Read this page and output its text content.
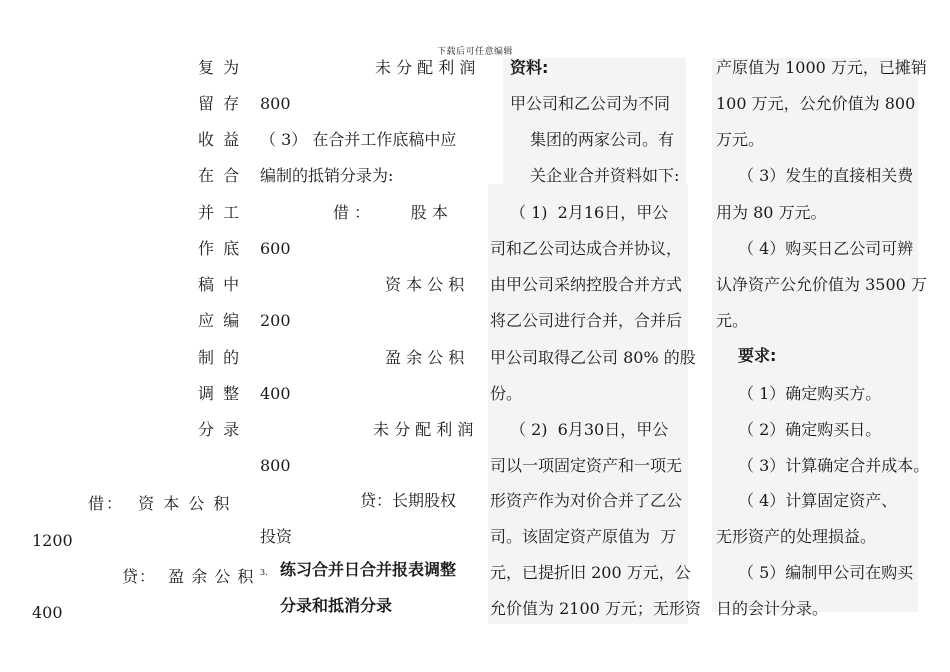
下载后可任意编辑
复 为
留 存
收 益
在 合
并 工
作 底
稿 中
应 编
制 的
调 整
分 录
借：  资 本 公 积
1200
贷：  盈 余 公 积
400
未 分 配 利 润
800
（ 3） 在合并工作底稿中应
编制的抵销分录为:
借 ：        股 本
600
资 本 公 积
200
盈 余 公 积
400
未 分 配 利 润
800
贷：长期股权
投资
3. 练习合并日合并报表调整
分录和抵消分录
资料:
甲公司和乙公司为不同
集团的两家公司。有
关企业合并资料如下:
（ 1)  2月16日，甲公
司和乙公司达成合并协议，
由甲公司采纳控股合并方式
将乙公司进行合并，合并后
甲公司取得乙公司 80% 的股
份。
（ 2)  6月30日，甲公
司以一项固定资产和一项无
形资产作为对价合并了乙公
司。该固定资产原值为  万
元，已提折旧 200 万元，公
允价值为 2100 万元；无形资
产原值为 1000 万元，已摊销
100 万元，公允价值为 800
万元。
（ 3）发生的直接相关费
用为 80 万元。
（ 4）购买日乙公司可辨
认净资产公允价值为 3500 万
元。
要求:
（ 1）确定购买方。
（ 2）确定购买日。
（ 3）计算确定合并成本。
（ 4）计算固定资产、
无形资产的处理损益。
（ 5）编制甲公司在购买
日的会计分录。
